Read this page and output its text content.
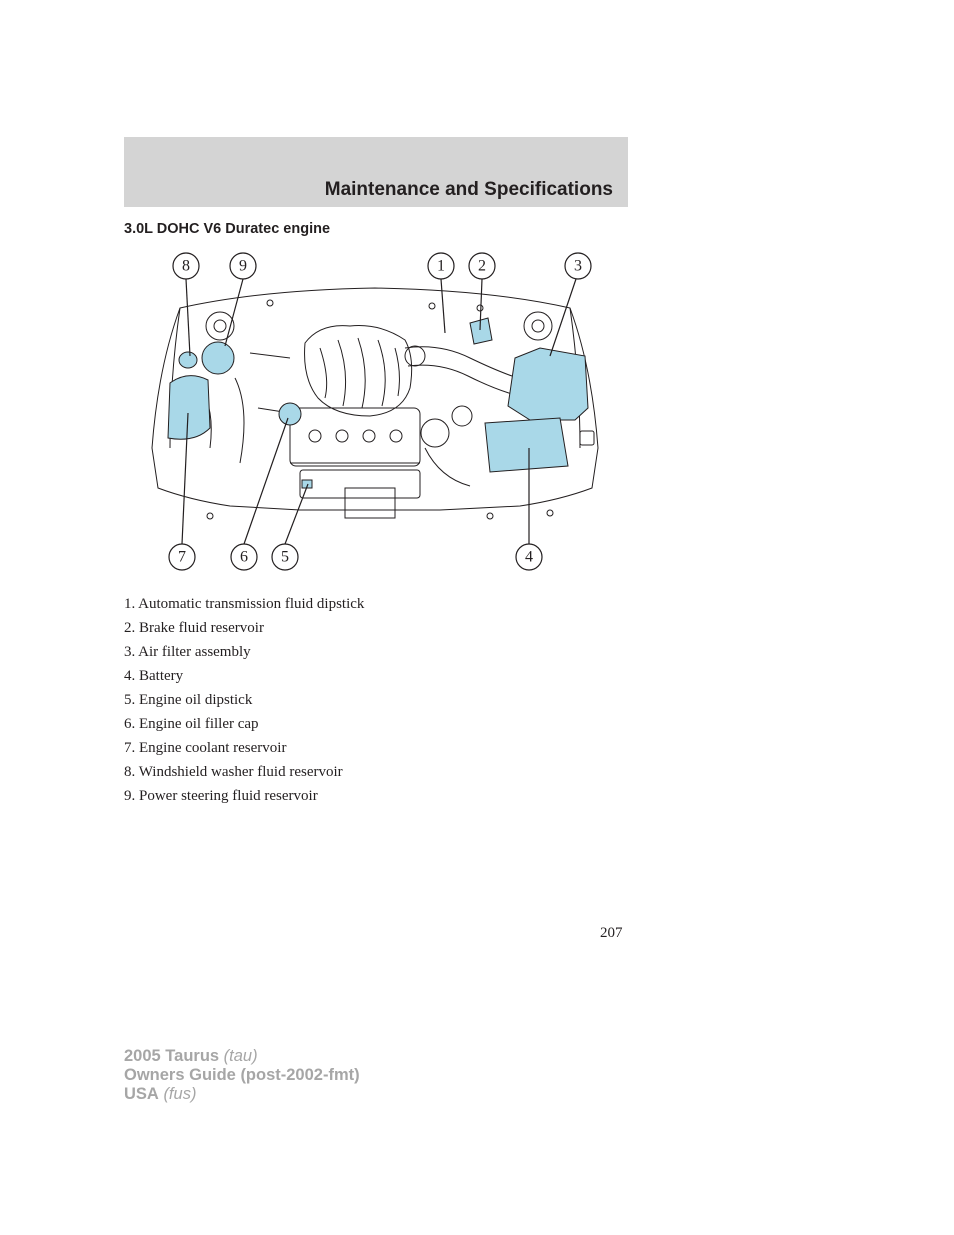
Maintenance and Specifications
3.0L DOHC V6 Duratec engine
8	9	1 2	3
7	6 5	4
1. Automatic transmission fluid dipstick
2. Brake fluid reservoir
3. Air filter assembly
4. Battery
5. Engine oil dipstick
6. Engine oil filler cap
7. Engine coolant reservoir
8. Windshield washer fluid reservoir
9. Power steering fluid reservoir
207
2005 Taurus (tau)
Owners Guide (post-2002-fmt)
USA (fus)
